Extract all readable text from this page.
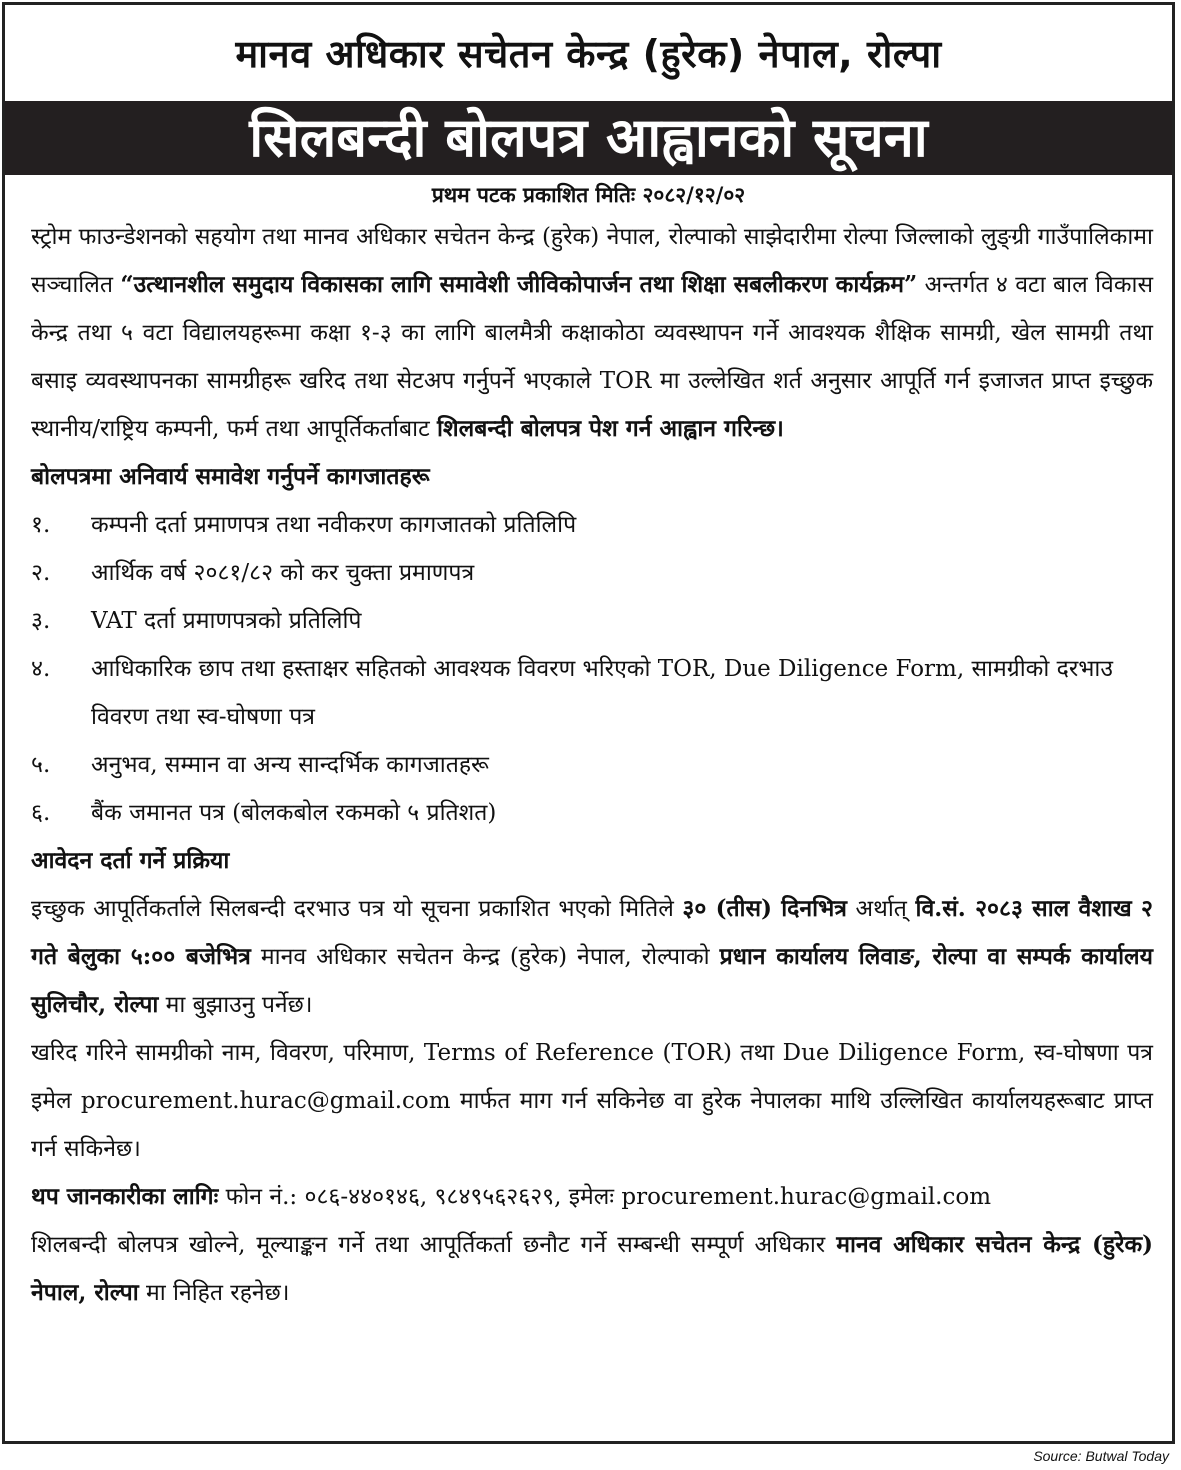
मानव अधिकार सचेतन केन्द्र (हुरेक) नेपाल, रोल्पा
सिलबन्दी बोलपत्र आह्वानको सूचना
प्रथम पटक प्रकाशित मितिः २०८२/१२/०२

स्ट्रोम फाउन्डेशनको सहयोग तथा मानव अधिकार सचेतन केन्द्र (हुरेक) नेपाल, रोल्पाको साझेदारीमा रोल्पा जिल्लाको लुङ्ग्री गाउँपालिकामा सञ्चालित “उत्थानशील समुदाय विकासका लागि समावेशी जीविकोपार्जन तथा शिक्षा सबलीकरण कार्यक्रम” अन्तर्गत ४ वटा बाल विकास केन्द्र तथा ५ वटा विद्यालयहरूमा कक्षा १-३ का लागि बालमैत्री कक्षाकोठा व्यवस्थापन गर्ने आवश्यक शैक्षिक सामग्री, खेल सामग्री तथा बसाइ व्यवस्थापनका सामग्रीहरू खरिद तथा सेटअप गर्नुपर्ने भएकाले TOR मा उल्लेखित शर्त अनुसार आपूर्ति गर्न इजाजत प्राप्त इच्छुक स्थानीय/राष्ट्रिय कम्पनी, फर्म तथा आपूर्तिकर्ताबाट शिलबन्दी बोलपत्र पेश गर्न आह्वान गरिन्छ।

बोलपत्रमा अनिवार्य समावेश गर्नुपर्ने कागजातहरू
१.	कम्पनी दर्ता प्रमाणपत्र तथा नवीकरण कागजातको प्रतिलिपि
२.	आर्थिक वर्ष २०८१/८२ को कर चुक्ता प्रमाणपत्र
३.	VAT दर्ता प्रमाणपत्रको प्रतिलिपि
४.	आधिकारिक छाप तथा हस्ताक्षर सहितको आवश्यक विवरण भरिएको TOR, Due Diligence Form, सामग्रीको दरभाउ विवरण तथा स्व-घोषणा पत्र
५.	अनुभव, सम्मान वा अन्य सान्दर्भिक कागजातहरू
६.	बैंक जमानत पत्र (बोलकबोल रकमको ५ प्रतिशत)
आवेदन दर्ता गर्ने प्रक्रिया

इच्छुक आपूर्तिकर्ताले सिलबन्दी दरभाउ पत्र यो सूचना प्रकाशित भएको मितिले ३० (तीस) दिनभित्र अर्थात् वि.सं. २०८३ साल वैशाख २ गते बेलुका ५:०० बजेभित्र मानव अधिकार सचेतन केन्द्र (हुरेक) नेपाल, रोल्पाको प्रधान कार्यालय लिवाङ, रोल्पा वा सम्पर्क कार्यालय सुलिचौर, रोल्पा मा बुझाउनु पर्नेछ।

खरिद गरिने सामग्रीको नाम, विवरण, परिमाण, Terms of Reference (TOR) तथा Due Diligence Form, स्व-घोषणा पत्र इमेल procurement.hurac@gmail.com मार्फत माग गर्न सकिनेछ वा हुरेक नेपालका माथि उल्लिखित कार्यालयहरूबाट प्राप्त गर्न सकिनेछ।

थप जानकारीका लागिः फोन नं.: ०८६-४४०१४६, ९८४९५६२६२९, इमेलः procurement.hurac@gmail.com

शिलबन्दी बोलपत्र खोल्ने, मूल्याङ्कन गर्ने तथा आपूर्तिकर्ता छनौट गर्ने सम्बन्धी सम्पूर्ण अधिकार मानव अधिकार सचेतन केन्द्र (हुरेक) नेपाल, रोल्पा मा निहित रहनेछ।

Source: Butwal Today
